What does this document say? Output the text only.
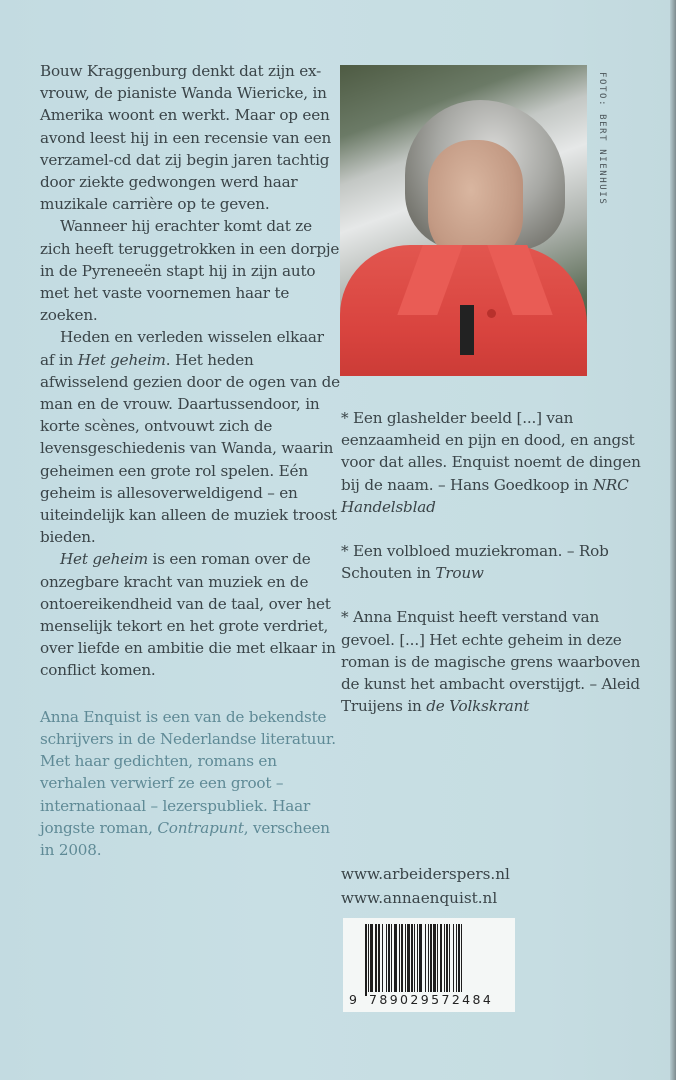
Bouw Kraggenburg denkt dat zijn ex-vrouw, de pianiste Wanda Wiericke, in Amerika woont en werkt. Maar op een avond leest hij in een recensie van een verzamel-cd dat zij begin jaren tachtig door ziekte gedwongen werd haar muzikale carrière op te geven.

Wanneer hij erachter komt dat ze zich heeft teruggetrokken in een dorpje in de Pyreneeën stapt hij in zijn auto met het vaste voornemen haar te zoeken.

Heden en verleden wisselen elkaar af in Het geheim. Het heden afwisselend gezien door de ogen van de man en de vrouw. Daartussendoor, in korte scènes, ontvouwt zich de levensgeschiedenis van Wanda, waarin geheimen een grote rol spelen. Eén geheim is allesoverweldigend – en uiteindelijk kan alleen de muziek troost bieden.

Het geheim is een roman over de onzegbare kracht van muziek en de ontoereikendheid van de taal, over het menselijk tekort en het grote verdriet, over liefde en ambitie die met elkaar in conflict komen.

Anna Enquist is een van de bekendste schrijvers in de Nederlandse literatuur. Met haar gedichten, romans en verhalen verwierf ze een groot – internationaal – lezerspubliek. Haar jongste roman, Contrapunt, verscheen in 2008.

FOTO: BERT NIENHUIS

* Een glashelder beeld [...] van eenzaamheid en pijn en dood, en angst voor dat alles. Enquist noemt de dingen bij de naam. – Hans Goedkoop in NRC Handelsblad

* Een volbloed muziekroman. – Rob Schouten in Trouw

* Anna Enquist heeft verstand van gevoel. [...] Het echte geheim in deze roman is de magische grens waarboven de kunst het ambacht overstijgt. – Aleid Truijens in de Volkskrant

www.arbeiderspers.nl
www.annaenquist.nl
9 789029572484
